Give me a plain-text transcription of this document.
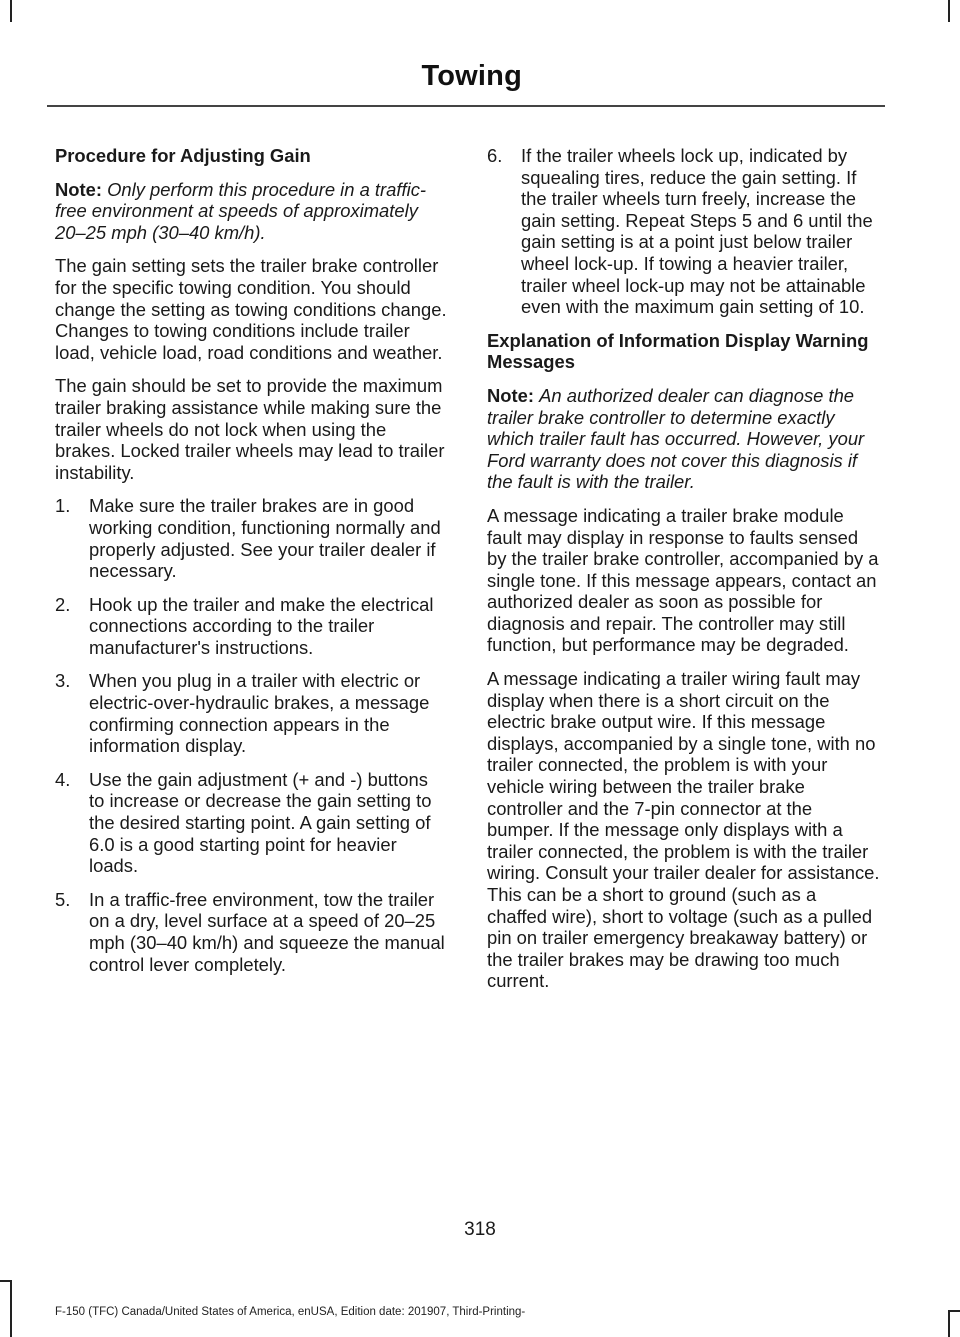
Towing
Procedure for Adjusting Gain

Note: Only perform this procedure in a traffic-free environment at speeds of approximately 20–25 mph (30–40 km/h).

The gain setting sets the trailer brake controller for the specific towing condition. You should change the setting as towing conditions change. Changes to towing conditions include trailer load, vehicle load, road conditions and weather.

The gain should be set to provide the maximum trailer braking assistance while making sure the trailer wheels do not lock when using the brakes. Locked trailer wheels may lead to trailer instability.

1. Make sure the trailer brakes are in good working condition, functioning normally and properly adjusted. See your trailer dealer if necessary.
2. Hook up the trailer and make the electrical connections according to the trailer manufacturer's instructions.
3. When you plug in a trailer with electric or electric-over-hydraulic brakes, a message confirming connection appears in the information display.
4. Use the gain adjustment (+ and -) buttons to increase or decrease the gain setting to the desired starting point. A gain setting of 6.0 is a good starting point for heavier loads.
5. In a traffic-free environment, tow the trailer on a dry, level surface at a speed of 20–25 mph (30–40 km/h) and squeeze the manual control lever completely.
6. If the trailer wheels lock up, indicated by squealing tires, reduce the gain setting. If the trailer wheels turn freely, increase the gain setting. Repeat Steps 5 and 6 until the gain setting is at a point just below trailer wheel lock-up. If towing a heavier trailer, trailer wheel lock-up may not be attainable even with the maximum gain setting of 10.
Explanation of Information Display Warning Messages

Note: An authorized dealer can diagnose the trailer brake controller to determine exactly which trailer fault has occurred. However, your Ford warranty does not cover this diagnosis if the fault is with the trailer.

A message indicating a trailer brake module fault may display in response to faults sensed by the trailer brake controller, accompanied by a single tone. If this message appears, contact an authorized dealer as soon as possible for diagnosis and repair. The controller may still function, but performance may be degraded.

A message indicating a trailer wiring fault may display when there is a short circuit on the electric brake output wire. If this message displays, accompanied by a single tone, with no trailer connected, the problem is with your vehicle wiring between the trailer brake controller and the 7-pin connector at the bumper. If the message only displays with a trailer connected, the problem is with the trailer wiring. Consult your trailer dealer for assistance. This can be a short to ground (such as a chaffed wire), short to voltage (such as a pulled pin on trailer emergency breakaway battery) or the trailer brakes may be drawing too much current.

318
F-150 (TFC) Canada/United States of America, enUSA, Edition date: 201907, Third-Printing-
